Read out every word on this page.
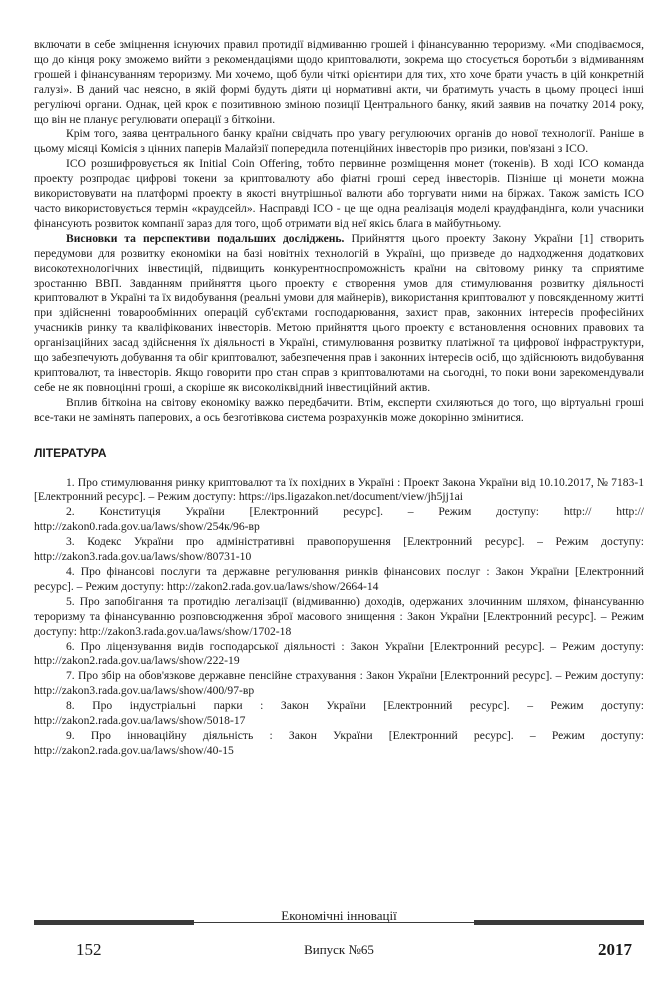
включати в себе зміцнення існуючих правил протидії відмиванню грошей і фінансуванню тероризму. «Ми сподіваємося, що до кінця року зможемо вийти з рекомендаціями щодо криптовалюти, зокрема що стосується боротьби з відмиванням грошей і фінансуванням тероризму. Ми хочемо, щоб були чіткі орієнтири для тих, хто хоче брати участь в цій конкретній галузі». В даний час неясно, в якій формі будуть діяти ці нормативні акти, чи братимуть участь в цьому процесі інші регуліючі органи. Однак, цей крок є позитивною зміною позиції Центрального банку, який заявив на початку 2014 року, що він не планує регулювати операції з біткоіни.

Крім того, заява центрального банку країни свідчать про увагу регулюючих органів до нової технології. Раніше в цьому місяці Комісія з цінних паперів Малайзії попередила потенційних інвесторів про ризики, пов'язані з ICO.

ICO розшифровується як Initial Coin Offering, тобто первинне розміщення монет (токенів). В ході ICO команда проекту розпродає цифрові токени за криптовалюту або фіатні гроші серед інвесторів. Пізніше ці монети можна використовувати на платформі проекту в якості внутрішньої валюти або торгувати ними на біржах. Також замість ICO часто використовується термін «краудсейл». Насправді ICO - це ще одна реалізація моделі краудфандінга, коли учасники фінансують розвиток компанії зараз для того, щоб отримати від неї якісь блага в майбутньому.

Висновки та перспективи подальших досліджень. Прийняття цього проекту Закону України [1] створить передумови для розвитку економіки на базі новітніх технологій в Україні, що призведе до надходження додаткових високотехнологічних інвестицій, підвищить конкурентноспроможність країни на світовому ринку та сприятиме зростанню ВВП. Завданням прийняття цього проекту є створення умов для стимулювання розвитку діяльності криптовалют в Україні та їх видобування (реальні умови для майнерів), використання криптовалют у повсякденному житті при здійсненні товарообмінних операцій суб'єктами господарювання, захист прав, законних інтересів професійних учасників ринку та кваліфікованих інвесторів. Метою прийняття цього проекту є встановлення основних правових та організаційних засад здійснення їх діяльності в Україні, стимулювання розвитку платіжної та цифрової інфраструктури, що забезпечують добування та обіг криптовалют, забезпечення прав і законних інтересів осіб, що здійснюють видобування криптовалют, та інвесторів. Якщо говорити про стан справ з криптовалютами на сьогодні, то поки вони зарекомендували себе не як повноцінні гроші, а скоріше як високоліквідний інвестиційний актив.

Вплив біткоіна на світову економіку важко передбачити. Втім, експерти схиляються до того, що віртуальні гроші все-таки не замінять паперових, а ось безготівкова система розрахунків може докорінно змінитися.

ЛІТЕРАТУРА

1. Про стимулювання ринку криптовалют та їх похідних в Україні : Проект Закона України від 10.10.2017, № 7183-1 [Електронний ресурс]. – Режим доступу: https://ips.ligazakon.net/document/view/jh5jj1ai

2. Конституція України [Електронний ресурс]. – Режим доступу: http:// http:// http://zakon0.rada.gov.ua/laws/show/254к/96-вр

3. Кодекс України про адміністративні правопорушення [Електронний ресурс]. – Режим доступу: http://zakon3.rada.gov.ua/laws/show/80731-10

4. Про фінансові послуги та державне регулювання ринків фінансових послуг : Закон України [Електронний ресурс]. – Режим доступу: http://zakon2.rada.gov.ua/laws/show/2664-14

5. Про запобігання та протидію легалізації (відмиванню) доходів, одержаних злочинним шляхом, фінансуванню тероризму та фінансуванню розповсюдження зброї масового знищення : Закон України [Електронний ресурс]. – Режим доступу: http://zakon3.rada.gov.ua/laws/show/1702-18

6. Про ліцензування видів господарської діяльності : Закон України [Електронний ресурс]. – Режим доступу: http://zakon2.rada.gov.ua/laws/show/222-19

7. Про збір на обов'язкове державне пенсійне страхування : Закон України [Електронний ресурс]. – Режим доступу: http://zakon3.rada.gov.ua/laws/show/400/97-вр

8. Про індустріальні парки : Закон України [Електронний ресурс]. – Режим доступу: http://zakon2.rada.gov.ua/laws/show/5018-17

9. Про інноваційну діяльність : Закон України [Електронний ресурс]. – Режим доступу: http://zakon2.rada.gov.ua/laws/show/40-15

Економічні інновації
152	Випуск №65	2017
